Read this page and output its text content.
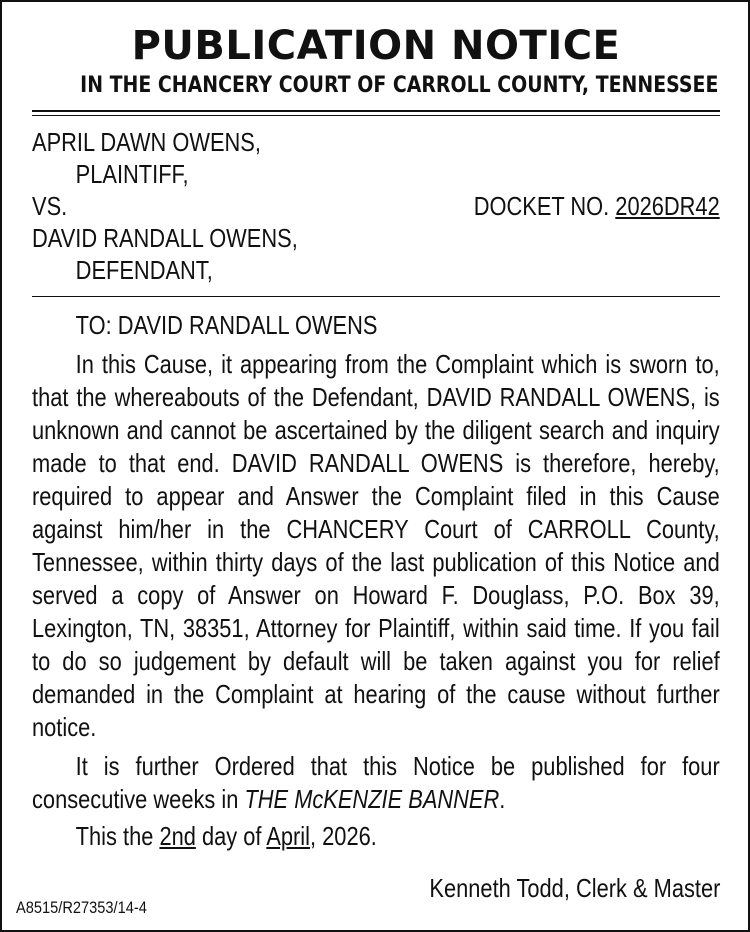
PUBLICATION NOTICE
IN THE CHANCERY COURT OF CARROLL COUNTY, TENNESSEE
APRIL DAWN OWENS,
PLAINTIFF,
VS.	DOCKET NO. 2026DR42
DAVID RANDALL OWENS,
DEFENDANT,

TO: DAVID RANDALL OWENS

In this Cause, it appearing from the Complaint which is sworn to, that the whereabouts of the Defendant, DAVID RANDALL OWENS, is unknown and cannot be ascertained by the diligent search and inquiry made to that end. DAVID RANDALL OWENS is therefore, hereby, required to appear and Answer the Complaint filed in this Cause against him/her in the CHANCERY Court of CARROLL County, Tennessee, within thirty days of the last publication of this Notice and served a copy of Answer on Howard F. Douglass, P.O. Box 39, Lexington, TN, 38351, Attorney for Plaintiff, within said time. If you fail to do so judgement by default will be taken against you for relief demanded in the Complaint at hearing of the cause without further notice.

It is further Ordered that this Notice be published for four consecutive weeks in THE McKENZIE BANNER.

This the 2nd day of April, 2026.

A8515/R27353/14-4
Kenneth Todd, Clerk & Master
